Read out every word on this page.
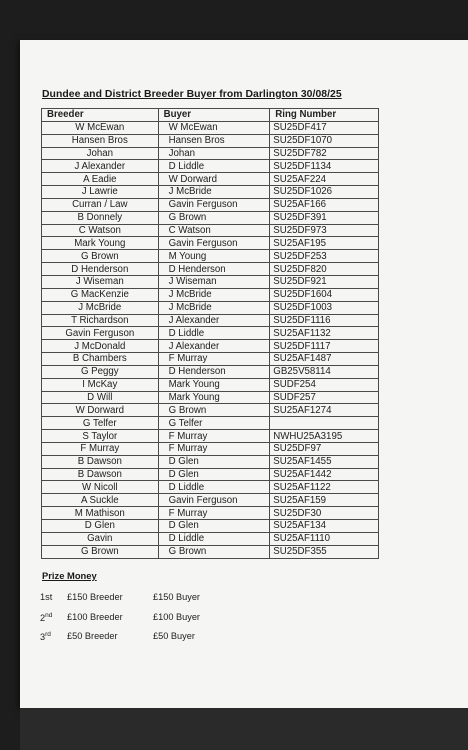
Dundee and District Breeder Buyer from Darlington 30/08/25
Breeder	Buyer	Ring Number
W McEwan	W McEwan	SU25DF417
Hansen Bros	Hansen Bros	SU25DF1070
Johan	Johan	SU25DF782
J Alexander	D Liddle	SU25DF1134
A Eadie	W Dorward	SU25AF224
J Lawrie	J McBride	SU25DF1026
Curran / Law	Gavin Ferguson	SU25AF166
B Donnely	G Brown	SU25DF391
C Watson	C Watson	SU25DF973
Mark Young	Gavin Ferguson	SU25AF195
G Brown	M Young	SU25DF253
D Henderson	D Henderson	SU25DF820
J Wiseman	J Wiseman	SU25DF921
G MacKenzie	J McBride	SU25DF1604
J McBride	J McBride	SU25DF1003
T Richardson	J Alexander	SU25DF1116
Gavin Ferguson	D Liddle	SU25AF1132
J McDonald	J Alexander	SU25DF1117
B Chambers	F Murray	SU25AF1487
G Peggy	D Henderson	GB25V58114
I McKay	Mark Young	SUDF254
D Will	Mark Young	SUDF257
W Dorward	G Brown	SU25AF1274
G Telfer	G Telfer	
S Taylor	F Murray	NWHU25A3195
F Murray	F Murray	SU25DF97
B Dawson	D Glen	SU25AF1455
B Dawson	D Glen	SU25AF1442
W Nicoll	D Liddle	SU25AF1122
A Suckle	Gavin Ferguson	SU25AF159
M Mathison	F Murray	SU25DF30
D Glen	D Glen	SU25AF134
Gavin	D Liddle	SU25AF1110
G Brown	G Brown	SU25DF355
Prize Money
1st	£150 Breeder	£150 Buyer
2nd	£100 Breeder	£100 Buyer
3rd	£50 Breeder	£50 Buyer
